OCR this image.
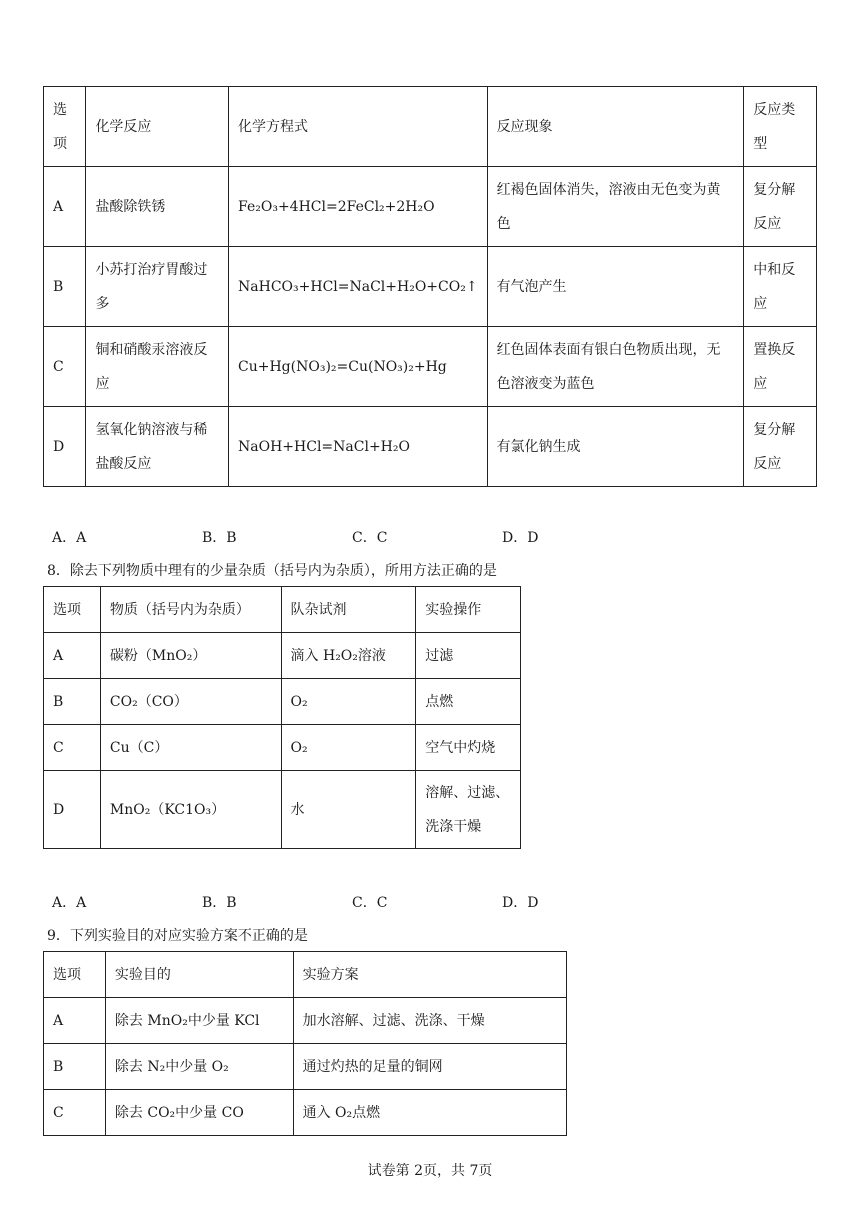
选项	化学反应	化学方程式	反应现象	反应类型
A	盐酸除铁锈	Fe₂O₃+4HCl=2FeCl₂+2H₂O	红褐色固体消失，溶液由无色变为黄色	复分解反应
B	小苏打治疗胃酸过多	NaHCO₃+HCl=NaCl+H₂O+CO₂↑	有气泡产生	中和反应
C	铜和硝酸汞溶液反应	Cu+Hg(NO₃)₂=Cu(NO₃)₂+Hg	红色固体表面有银白色物质出现，无色溶液变为蓝色	置换反应
D	氢氧化钠溶液与稀盐酸反应	NaOH+HCl=NaCl+H₂O	有氯化钠生成	复分解反应
A．A	B．B	C．C	D．D
8．除去下列物质中理有的少量杂质（括号内为杂质），所用方法正确的是
选项	物质（括号内为杂质）	队杂试剂	实验操作
A	碳粉（MnO₂）	滴入 H₂O₂溶液	过滤
B	CO₂（CO）	O₂	点燃
C	Cu（C）	O₂	空气中灼烧
D	MnO₂（KC1O₃）	水	溶解、过滤、洗涤干燥
A．A	B．B	C．C	D．D
9．下列实验目的对应实验方案不正确的是
选项	实验目的	实验方案
A	除去 MnO₂中少量 KCl	加水溶解、过滤、洗涤、干燥
B	除去 N₂中少量 O₂	通过灼热的足量的铜网
C	除去 CO₂中少量 CO	通入 O₂点燃
试卷第 2页，共 7页
